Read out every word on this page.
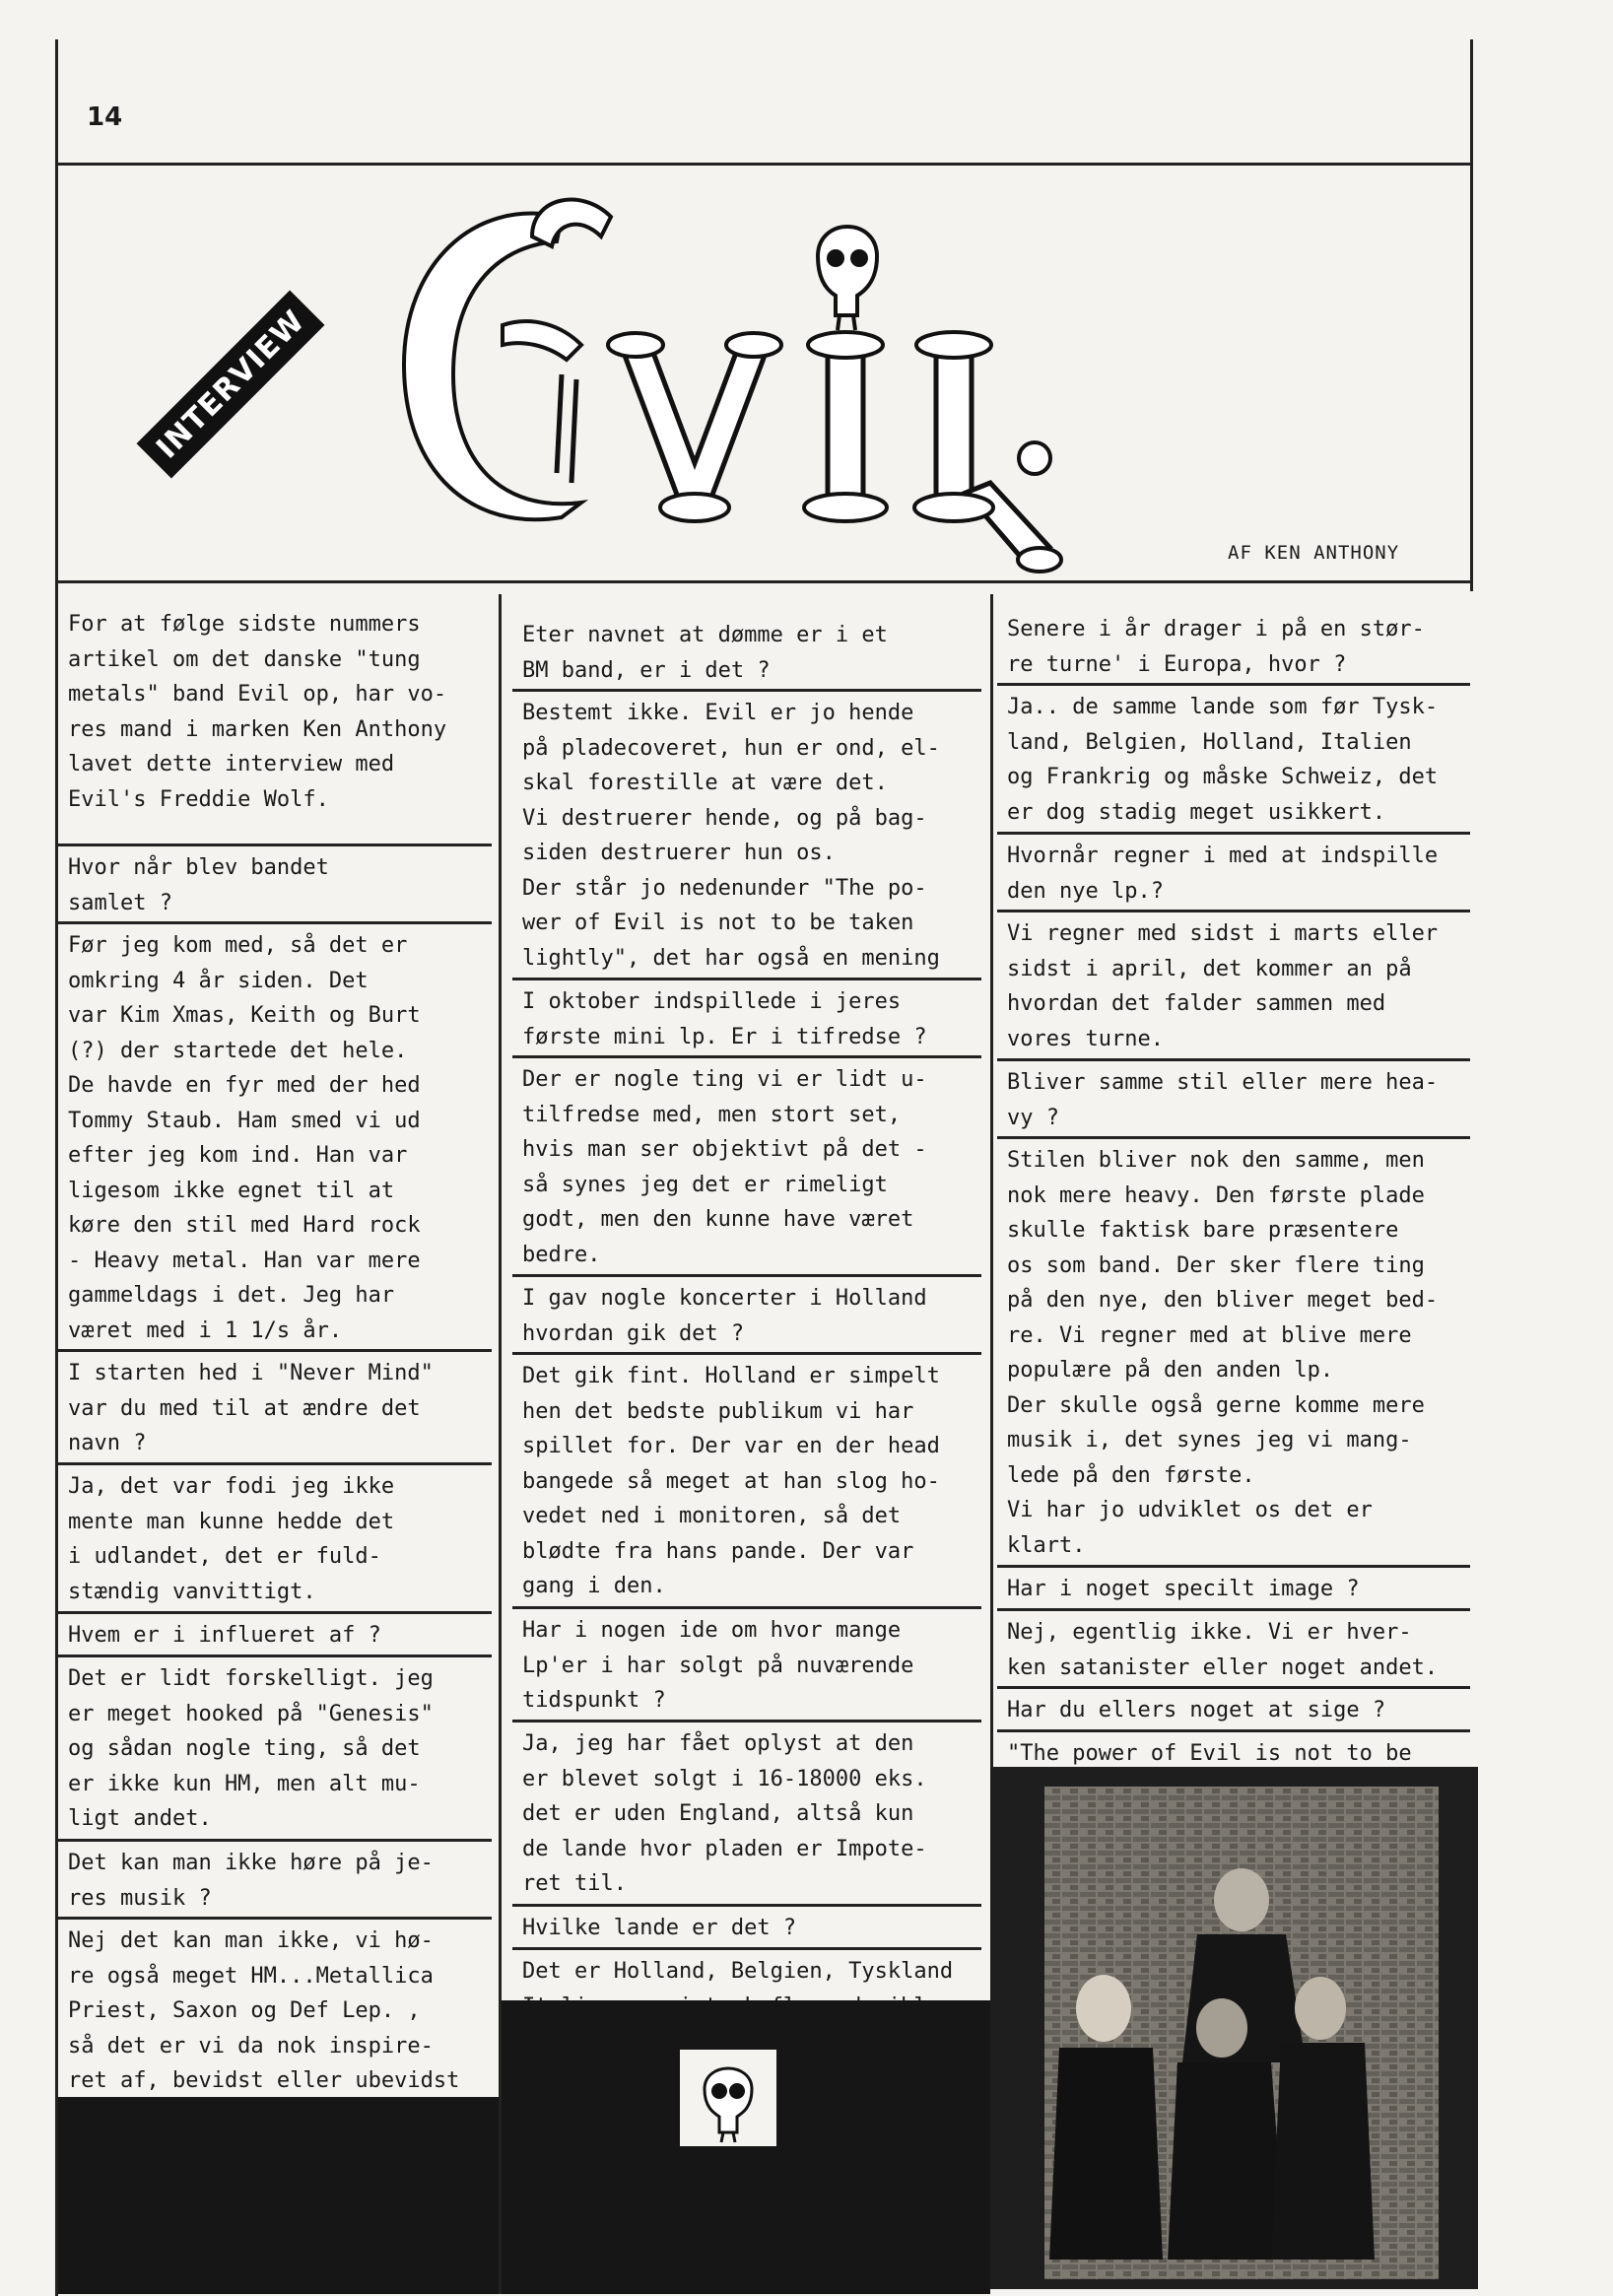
14
INTERVIEW
AF KEN ANTHONY
For at følge sidste nummers
artikel om det danske "tung
metals" band Evil op, har vo-
res mand i marken Ken Anthony
lavet dette interview med
Evil's Freddie Wolf.
Hvor når blev bandet
samlet ?
Før jeg kom med, så det er
omkring 4 år siden. Det
var Kim Xmas, Keith og Burt
(?) der startede det hele.
De havde en fyr med der hed
Tommy Staub. Ham smed vi ud
efter jeg kom ind. Han var
ligesom ikke egnet til at
køre den stil med Hard rock
- Heavy metal. Han var mere
gammeldags i det. Jeg har
været med i 1 1/s år.
I starten hed i "Never Mind"
var du med til at ændre det
navn ?
Ja, det var fodi jeg ikke
mente man kunne hedde det
i udlandet, det er fuld-
stændig vanvittigt.
Hvem er i influeret af ?
Det er lidt forskelligt. jeg
er meget hooked på "Genesis"
og sådan nogle ting, så det
er ikke kun HM, men alt mu-
ligt andet.
Det kan man ikke høre på je-
res musik ?
Nej det kan man ikke, vi hø-
re også meget HM...Metallica
Priest, Saxon og Def Lep. ,
så det er vi da nok inspire-
ret af, bevidst eller ubevidst

Eter navnet at dømme er i et
BM band, er i det ?
Bestemt ikke. Evil er jo hende
på pladecoveret, hun er ond, el-
skal forestille at være det.
Vi destruerer hende, og på bag-
siden destruerer hun os.
Der står jo nedenunder "The po-
wer of Evil is not to be taken
lightly", det har også en mening
I oktober indspillede i jeres
første mini lp. Er i tifredse ?
Der er nogle ting vi er lidt u-
tilfredse med, men stort set,
hvis man ser objektivt på det -
så synes jeg det er rimeligt
godt, men den kunne have været
bedre.
I gav nogle koncerter i Holland
hvordan gik det ?
Det gik fint. Holland er simpelt
hen det bedste publikum vi har
spillet for. Der var en der head
bangede så meget at han slog ho-
vedet ned i monitoren, så det
blødte fra hans pande. Der var
gang i den.
Har i nogen ide om hvor mange
Lp'er i har solgt på nuværende
tidspunkt ?
Ja, jeg har fået oplyst at den
er blevet solgt i 16-18000 eks.
det er uden England, altså kun
de lande hvor pladen er Impote-
ret til.
Hvilke lande er det ?
Det er Holland, Belgien, Tyskland

Senere i år drager i på en stør-
re turne' i Europa, hvor ?
Ja.. de samme lande som før Tysk-
land, Belgien, Holland, Italien
og Frankrig og måske Schweiz, det
er dog stadig meget usikkert.
Hvornår regner i med at indspille
den nye lp.?
Vi regner med sidst i marts eller
sidst i april, det kommer an på
hvordan det falder sammen med
vores turne.
Bliver samme stil eller mere hea-
vy ?
Stilen bliver nok den samme, men
nok mere heavy. Den første plade
skulle faktisk bare præsentere
os som band. Der sker flere ting
på den nye, den bliver meget bed-
re. Vi regner med at blive mere
populære på den anden lp.
Der skulle også gerne komme mere
musik i, det synes jeg vi mang-
lede på den første.
Vi har jo udviklet os det er
klart.
Har i noget specilt image ?
Nej, egentlig ikke. Vi er hver-
ken satanister eller noget andet.
Har du ellers noget at sige ?
"The power of Evil is not to be
